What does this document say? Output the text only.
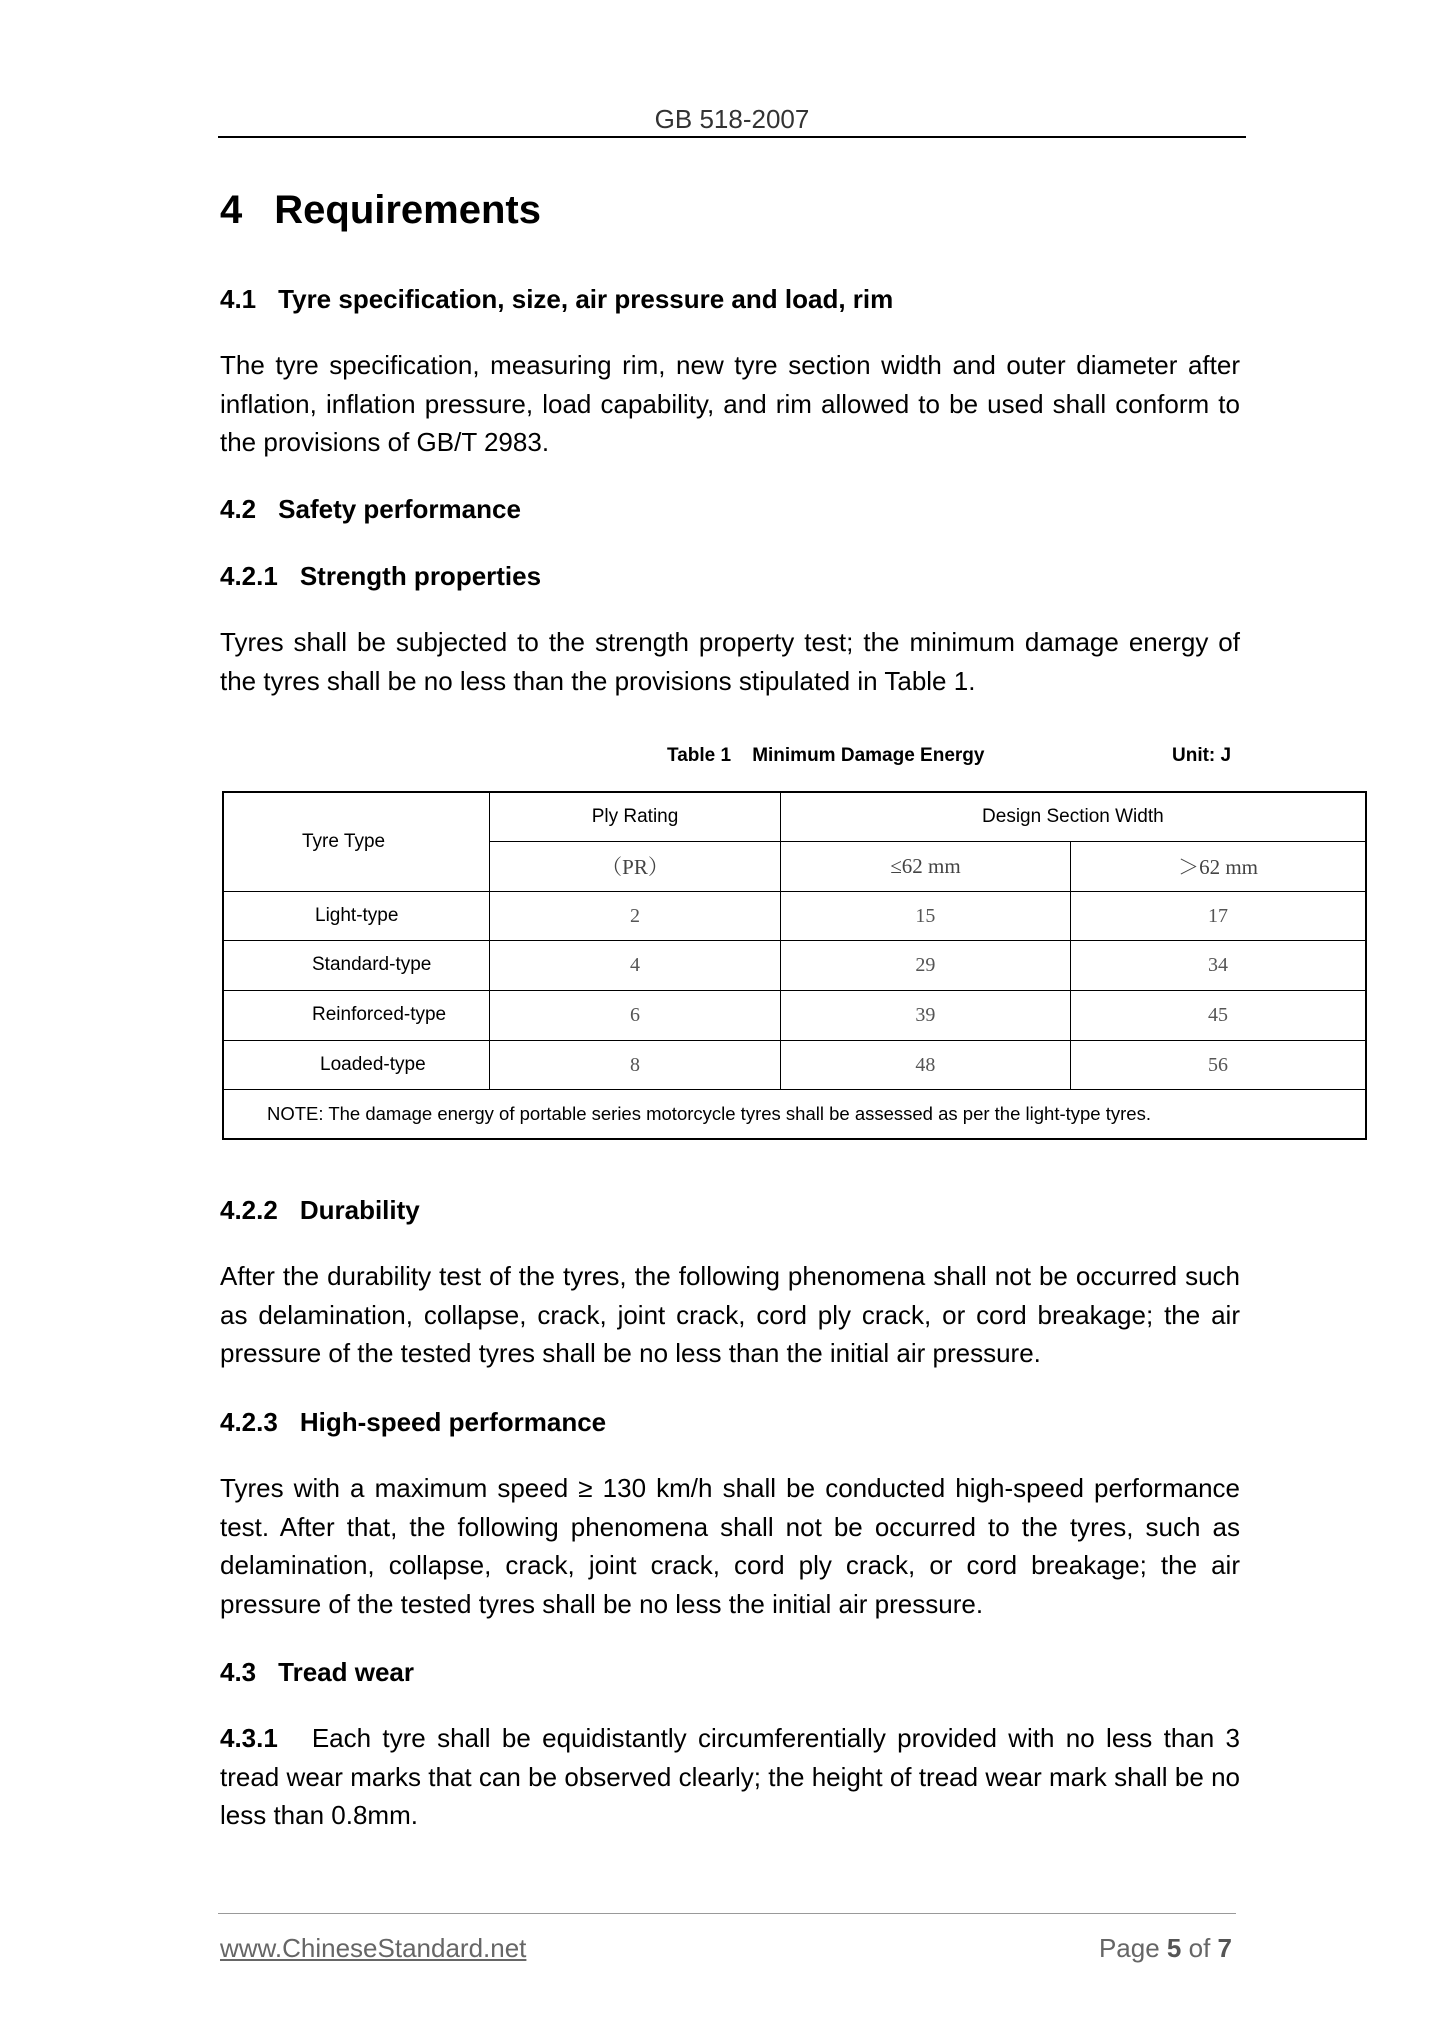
GB 518-2007
4 Requirements
4.1 Tyre specification, size, air pressure and load, rim
The tyre specification, measuring rim, new tyre section width and outer diameter after inflation, inflation pressure, load capability, and rim allowed to be used shall conform to the provisions of GB/T 2983.
4.2 Safety performance
4.2.1 Strength properties
Tyres shall be subjected to the strength property test; the minimum damage energy of the tyres shall be no less than the provisions stipulated in Table 1.
Table 1 Minimum Damage Energy	Unit: J
Tyre Type	Ply Rating	Design Section Width	
	（PR）	≤62 mm	＞62 mm
Light-type	2	15	17
Standard-type	4	29	34
Reinforced-type	6	39	45
Loaded-type	8	48	56
NOTE: The damage energy of portable series motorcycle tyres shall be assessed as per the light-type tyres.			
4.2.2 Durability
After the durability test of the tyres, the following phenomena shall not be occurred such as delamination, collapse, crack, joint crack, cord ply crack, or cord breakage; the air pressure of the tested tyres shall be no less than the initial air pressure.
4.2.3 High-speed performance
Tyres with a maximum speed ≥ 130 km/h shall be conducted high-speed performance test. After that, the following phenomena shall not be occurred to the tyres, such as delamination, collapse, crack, joint crack, cord ply crack, or cord breakage; the air pressure of the tested tyres shall be no less the initial air pressure.
4.3 Tread wear
4.3.1 Each tyre shall be equidistantly circumferentially provided with no less than 3 tread wear marks that can be observed clearly; the height of tread wear mark shall be no less than 0.8mm.
www.ChineseStandard.net	Page 5 of 7
